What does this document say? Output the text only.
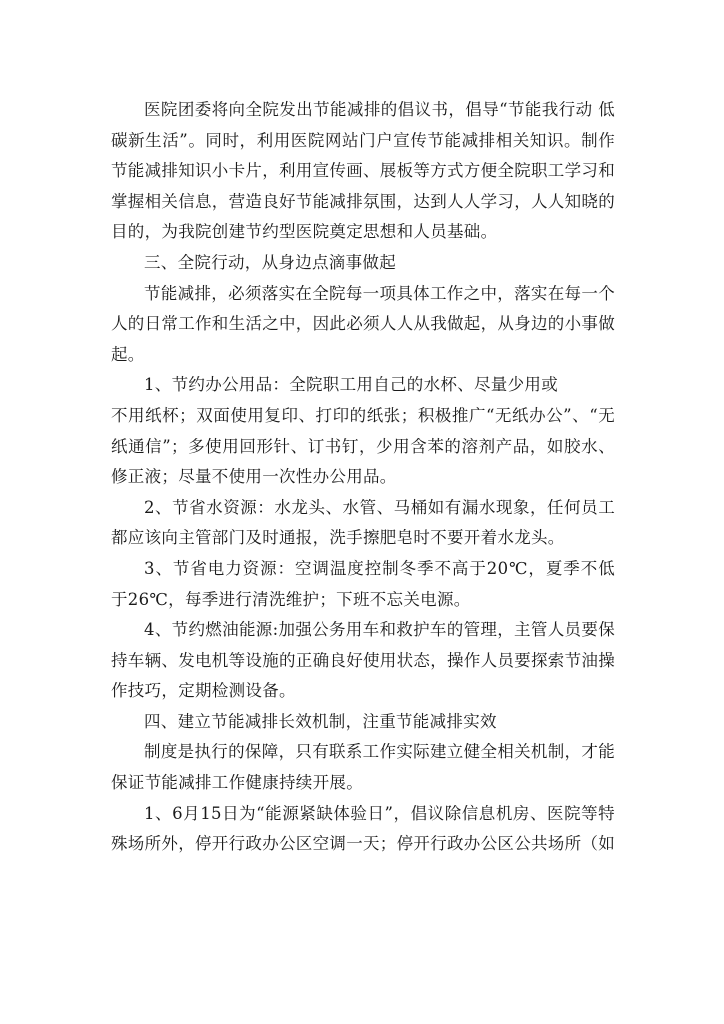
医院团委将向全院发出节能减排的倡议书，倡导“节能我行动 低碳新生活”。同时，利用医院网站门户宣传节能减排相关知识。制作节能减排知识小卡片，利用宣传画、展板等方式方便全院职工学习和掌握相关信息，营造良好节能减排氛围，达到人人学习，人人知晓的目的，为我院创建节约型医院奠定思想和人员基础。

三、全院行动，从身边点滴事做起

节能减排，必须落实在全院每一项具体工作之中，落实在每一个人的日常工作和生活之中，因此必须人人从我做起，从身边的小事做起。

1、节约办公用品：全院职工用自己的水杯、尽量少用或

不用纸杯；双面使用复印、打印的纸张；积极推广“无纸办公”、“无纸通信”；多使用回形针、订书钉，少用含苯的溶剂产品，如胶水、修正液；尽量不使用一次性办公用品。

2、节省水资源：水龙头、水管、马桶如有漏水现象，任何员工都应该向主管部门及时通报，洗手擦肥皂时不要开着水龙头。

3、节省电力资源：空调温度控制冬季不高于20℃，夏季不低于26℃，每季进行清洗维护；下班不忘关电源。

4、节约燃油能源:加强公务用车和救护车的管理，主管人员要保持车辆、发电机等设施的正确良好使用状态，操作人员要探索节油操作技巧，定期检测设备。

四、建立节能减排长效机制，注重节能减排实效

制度是执行的保障，只有联系工作实际建立健全相关机制，才能保证节能减排工作健康持续开展。

1、6月15日为“能源紧缺体验日”，倡议除信息机房、医院等特殊场所外，停开行政办公区空调一天；停开行政办公区公共场所（如
